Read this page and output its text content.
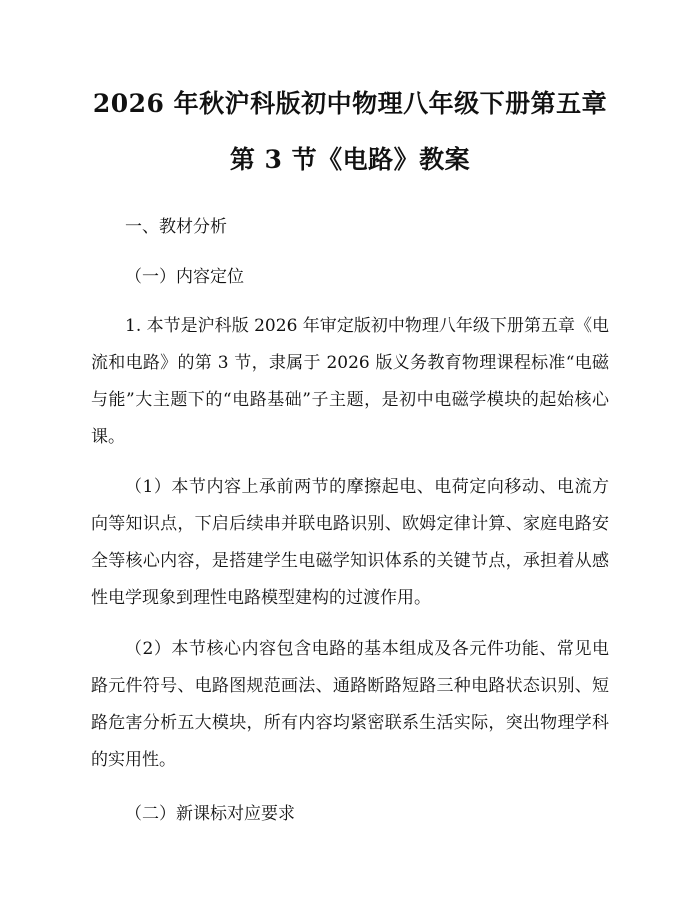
2026 年秋沪科版初中物理八年级下册第五章
第 3 节《电路》教案

一、教材分析

（一）内容定位

1. 本节是沪科版 2026 年审定版初中物理八年级下册第五章《电流和电路》的第 3 节，隶属于 2026 版义务教育物理课程标准“电磁与能”大主题下的“电路基础”子主题，是初中电磁学模块的起始核心课。

（1）本节内容上承前两节的摩擦起电、电荷定向移动、电流方向等知识点，下启后续串并联电路识别、欧姆定律计算、家庭电路安全等核心内容，是搭建学生电磁学知识体系的关键节点，承担着从感性电学现象到理性电路模型建构的过渡作用。

（2）本节核心内容包含电路的基本组成及各元件功能、常见电路元件符号、电路图规范画法、通路断路短路三种电路状态识别、短路危害分析五大模块，所有内容均紧密联系生活实际，突出物理学科的实用性。

（二）新课标对应要求
